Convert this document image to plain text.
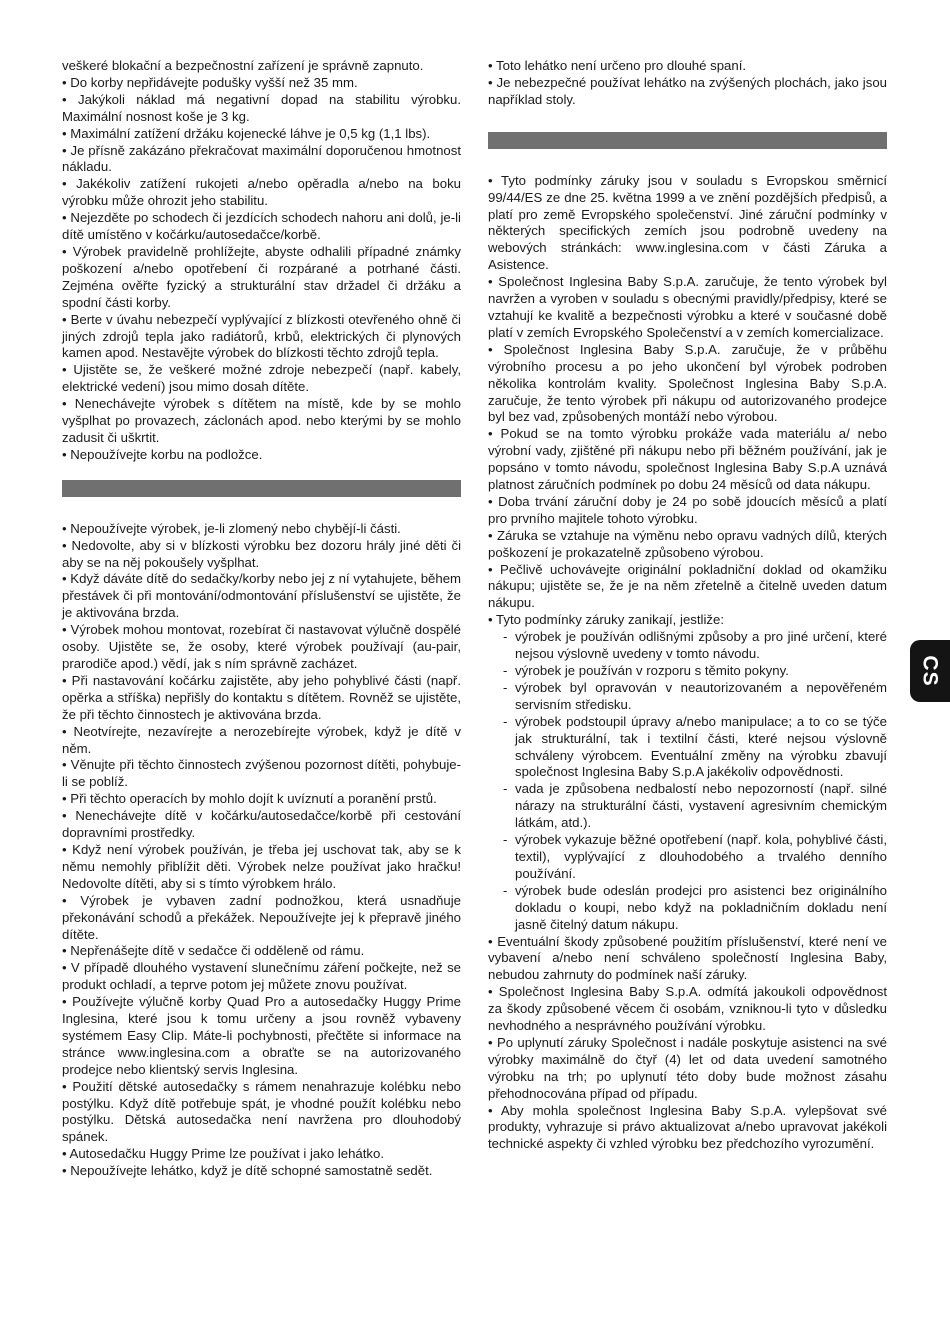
veškeré blokační a bezpečnostní zařízení je správně zapnuto.

• Do korby nepřidávejte podušky vyšší než 35 mm.

• Jakýkoli náklad má negativní dopad na stabilitu výrobku. Maximální nosnost koše je 3 kg.

• Maximální zatížení držáku kojenecké láhve je 0,5 kg (1,1 lbs).

• Je přísně zakázáno překračovat maximální doporučenou hmotnost nákladu.

• Jakékoliv zatížení rukojeti a/nebo opěradla a/nebo na boku výrobku může ohrozit jeho stabilitu.

• Nejezděte po schodech či jezdících schodech nahoru ani dolů, je-li dítě umístěno v kočárku/autosedačce/korbě.

• Výrobek pravidelně prohlížejte, abyste odhalili případné známky poškození a/nebo opotřebení či rozpárané a potrhané části. Zejména ověřte fyzický a strukturální stav držadel či držáku a spodní části korby.

• Berte v úvahu nebezpečí vyplývající z blízkosti otevřeného ohně či jiných zdrojů tepla jako radiátorů, krbů, elektrických či plynových kamen apod. Nestavějte výrobek do blízkosti těchto zdrojů tepla.

• Ujistěte se, že veškeré možné zdroje nebezpečí (např. kabely, elektrické vedení) jsou mimo dosah dítěte.

• Nenechávejte výrobek s dítětem na místě, kde by se mohlo vyšplhat po provazech, záclonách apod. nebo kterými by se mohlo zadusit či uškrtit.

• Nepoužívejte korbu na podložce.

• Nepoužívejte výrobek, je-li zlomený nebo chybějí-li části.

• Nedovolte, aby si v blízkosti výrobku bez dozoru hrály jiné děti či aby se na něj pokoušely vyšplhat.

• Když dáváte dítě do sedačky/korby nebo jej z ní vytahujete, během přestávek či při montování/odmontování příslušenství se ujistěte, že je aktivována brzda.

• Výrobek mohou montovat, rozebírat či nastavovat výlučně dospělé osoby. Ujistěte se, že osoby, které výrobek používají (au-pair, prarodiče apod.) vědí, jak s ním správně zacházet.

• Při nastavování kočárku zajistěte, aby jeho pohyblivé části (např. opěrka a stříška) nepřišly do kontaktu s dítětem. Rovněž se ujistěte, že při těchto činnostech je aktivována brzda.

• Neotvírejte, nezavírejte a nerozebírejte výrobek, když je dítě v něm.

• Věnujte při těchto činnostech zvýšenou pozornost dítěti, pohybuje-li se poblíž.

• Při těchto operacích by mohlo dojít k uvíznutí a poranění prstů.

• Nenechávejte dítě v kočárku/autosedačce/korbě při cestování dopravními prostředky.

• Když není výrobek používán, je třeba jej uschovat tak, aby se k němu nemohly přiblížit děti. Výrobek nelze používat jako hračku! Nedovolte dítěti, aby si s tímto výrobkem hrálo.

• Výrobek je vybaven zadní podnožkou, která usnadňuje překonávání schodů a překážek. Nepoužívejte jej k přepravě jiného dítěte.

• Nepřenášejte dítě v sedačce či odděleně od rámu.

• V případě dlouhého vystavení slunečnímu záření počkejte, než se produkt ochladí, a teprve potom jej můžete znovu používat.

• Používejte výlučně korby Quad Pro a autosedačky Huggy Prime Inglesina, které jsou k tomu určeny a jsou rovněž vybaveny systémem Easy Clip. Máte-li pochybnosti, přečtěte si informace na stránce www.inglesina.com a obraťte se na autorizovaného prodejce nebo klientský servis Inglesina.

• Použití dětské autosedačky s rámem nenahrazuje kolébku nebo postýlku. Když dítě potřebuje spát, je vhodné použít kolébku nebo postýlku. Dětská autosedačka není navržena pro dlouhodobý spánek.

• Autosedačku Huggy Prime lze používat i jako lehátko.

• Nepoužívejte lehátko, když je dítě schopné samostatně sedět.

• Toto lehátko není určeno pro dlouhé spaní.

• Je nebezpečné používat lehátko na zvýšených plochách, jako jsou například stoly.

• Tyto podmínky záruky jsou v souladu s Evropskou směrnicí 99/44/ES ze dne 25. května 1999 a ve znění pozdějších předpisů, a platí pro země Evropského společenství. Jiné záruční podmínky v některých specifických zemích jsou podrobně uvedeny na webových stránkách: www.inglesina.com v části Záruka a Asistence.

• Společnost Inglesina Baby S.p.A. zaručuje, že tento výrobek byl navržen a vyroben v souladu s obecnými pravidly/předpisy, které se vztahují ke kvalitě a bezpečnosti výrobku a které v současné době platí v zemích Evropského Společenství a v zemích komercializace.

• Společnost Inglesina Baby S.p.A. zaručuje, že v průběhu výrobního procesu a po jeho ukončení byl výrobek podroben několika kontrolám kvality. Společnost Inglesina Baby S.p.A. zaručuje, že tento výrobek při nákupu od autorizovaného prodejce byl bez vad, způsobených montáží nebo výrobou.

• Pokud se na tomto výrobku prokáže vada materiálu a/ nebo výrobní vady, zjištěné při nákupu nebo při běžném používání, jak je popsáno v tomto návodu, společnost Inglesina Baby S.p.A uznává platnost záručních podmínek po dobu 24 měsíců od data nákupu.

• Doba trvání záruční doby je 24 po sobě jdoucích měsíců a platí pro prvního majitele tohoto výrobku.

• Záruka se vztahuje na výměnu nebo opravu vadných dílů, kterých poškození je prokazatelně způsobeno výrobou.

• Pečlivě uchovávejte originální pokladniční doklad od okamžiku nákupu; ujistěte se, že je na něm zřetelně a čitelně uveden datum nákupu.

• Tyto podmínky záruky zanikají, jestliže:

- výrobek je používán odlišnými způsoby a pro jiné určení, které nejsou výslovně uvedeny v tomto návodu.
- výrobek je používán v rozporu s těmito pokyny.
- výrobek byl opravován v neautorizovaném a nepověřeném servisním středisku.
- výrobek podstoupil úpravy a/nebo manipulace; a to co se týče jak strukturální, tak i textilní části, které nejsou výslovně schváleny výrobcem. Eventuální změny na výrobku zbavují společnost Inglesina Baby S.p.A jakékoliv odpovědnosti.
- vada je způsobena nedbalostí nebo nepozorností (např. silné nárazy na strukturální části, vystavení agresivním chemickým látkám, atd.).
- výrobek vykazuje běžné opotřebení (např. kola, pohyblivé části, textil), vyplývající z dlouhodobého a trvalého denního používání.
- výrobek bude odeslán prodejci pro asistenci bez originálního dokladu o koupi, nebo když na pokladničním dokladu není jasně čitelný datum nákupu.

• Eventuální škody způsobené použitím příslušenství, které není ve vybavení a/nebo není schváleno společností Inglesina Baby, nebudou zahrnuty do podmínek naší záruky.

• Společnost Inglesina Baby S.p.A. odmítá jakoukoli odpovědnost za škody způsobené věcem či osobám, vzniknou-li tyto v důsledku nevhodného a nesprávného používání výrobku.

• Po uplynutí záruky Společnost i nadále poskytuje asistenci na své výrobky maximálně do čtyř (4) let od data uvedení samotného výrobku na trh; po uplynutí této doby bude možnost zásahu přehodnocována případ od případu.

• Aby mohla společnost Inglesina Baby S.p.A. vylepšovat své produkty, vyhrazuje si právo aktualizovat a/nebo upravovat jakékoli technické aspekty či vzhled výrobku bez předchozího vyrozumění.

CS
